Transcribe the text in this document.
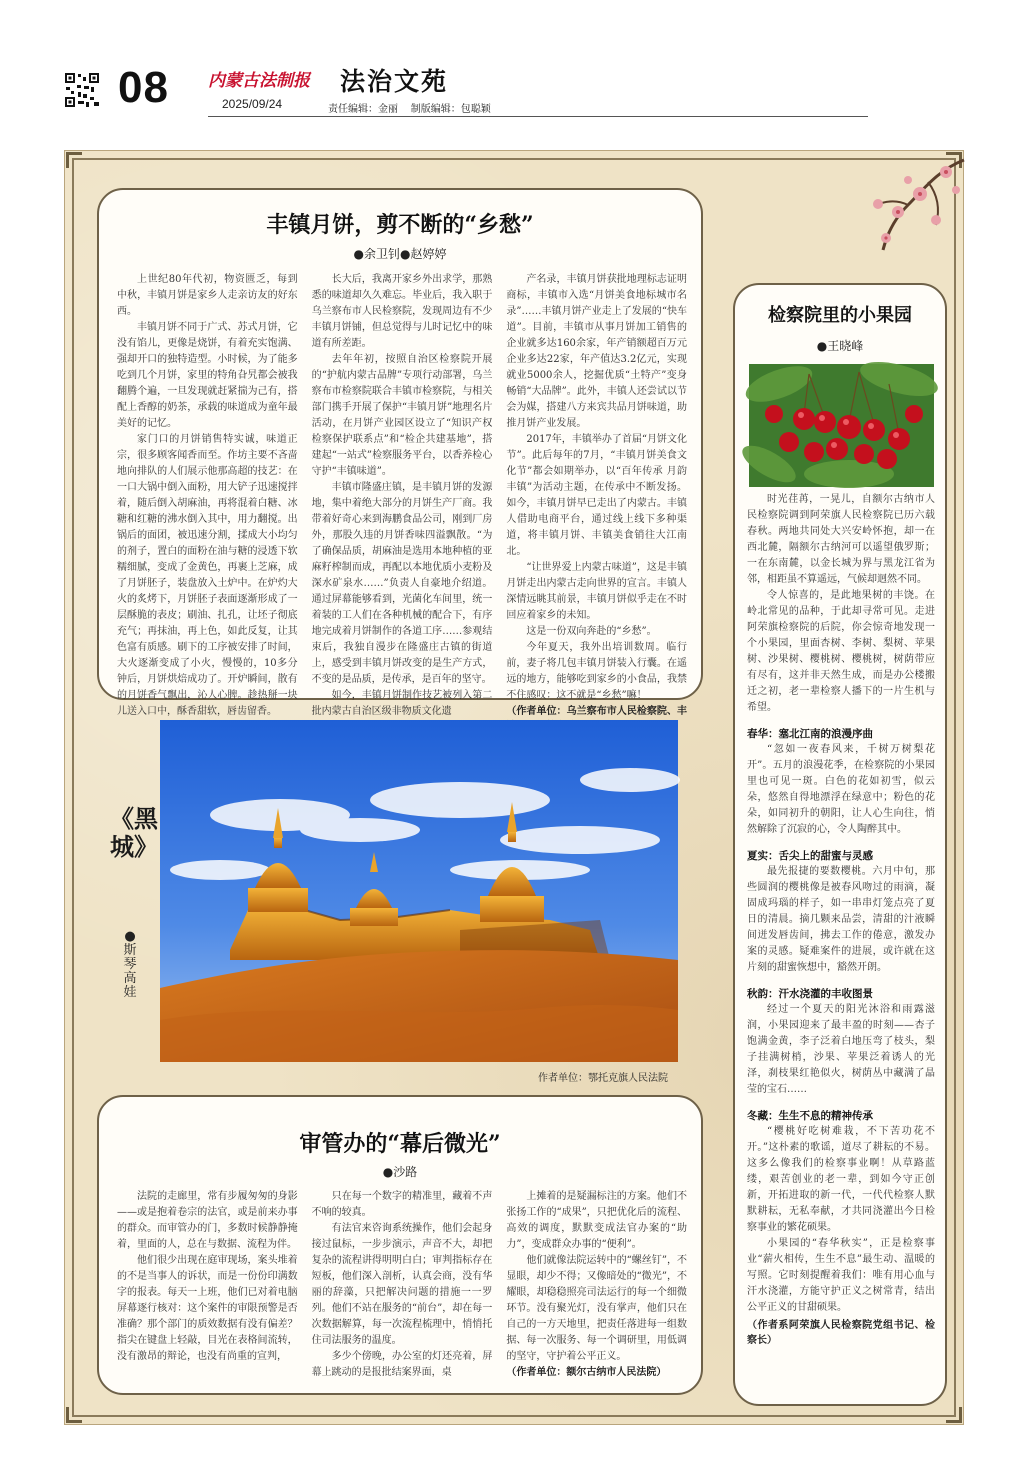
08 内蒙古法制报
2025/09/24
法治文苑
责任编辑：金丽 制版编辑：包聪颖
丰镇月饼，剪不断的“乡愁”
●余卫钊●赵婷婷

上世纪80年代初，物资匮乏，每到中秋，丰镇月饼是家乡人走亲访友的好东西。

丰镇月饼不同于广式、苏式月饼，它没有馅儿，更像是烧饼，有着充实饱满、强却开口的独特造型。小时候，为了能多吃到几个月饼，家里的特角旮旯都会被我翻腾个遍，一旦发现就赶紧揣为己有，搭配上香醇的奶茶，承载的味道成为童年最美好的记忆。

家门口的月饼销售特实诚，味道正宗，很多顾客闻香而至。作坊主要不吝啬地向排队的人们展示他那高超的技艺：在一口大锅中倒入面粉，用大铲子迅速搅拌着，随后倒入胡麻油，再将混着白糖、冰糖和红糖的沸水倒入其中，用力翻搅。出锅后的面团，被迅速分割，揉成大小均匀的剂子，置白的面粉在油与糖的浸透下软糯细腻，变成了金黄色，再裹上芝麻，成了月饼胚子，装盘放入土炉中。在炉灼大火的炙烤下，月饼胚子表面逐渐形成了一层酥脆的表皮；刷油、扎孔，让坯子彻底充气；再抹油，再上色，如此反复，让其色富有质感。刷下的工序被安排了时间，大火逐渐变成了小火，慢慢的，10多分钟后，月饼烘焙成功了。开炉瞬间，散有的月饼香气飘出，沁人心脾。趁热掰一块儿送入口中，酥香甜软，唇齿留香。

长大后，我离开家乡外出求学，那熟悉的味道却久久难忘。毕业后，我入职于乌兰察布市人民检察院，发现周边有不少丰镇月饼铺，但总觉得与儿时记忆中的味道有所差距。

去年年初，按照自治区检察院开展的“护航内蒙古品牌”专项行动部署，乌兰察布市检察院联合丰镇市检察院，与相关部门携手开展了保护“丰镇月饼”地理名片活动，在月饼产业园区设立了“知识产权检察保护联系点”和“检企共建基地”，搭建起“一站式”检察服务平台，以香养检心守护“丰镇味道”。

丰镇市隆盛庄镇，是丰镇月饼的发源地，集中着绝大部分的月饼生产厂商。我带着好奇心来到海鹏食品公司，刚到厂房外，那股久违的月饼香味四溢飘散。“为了确保品质，胡麻油是选用本地种植的亚麻籽榨制而成，再配以本地优质小麦粉及深水矿泉水……”负责人自豪地介绍道。通过屏幕能够看到，光菌化车间里，统一着装的工人们在各种机械的配合下，有序地完成着月饼制作的各道工序……参观结束后，我独自漫步在隆盛庄古镇的街道上，感受到丰镇月饼改变的是生产方式，不变的是品质，是传承，是百年的坚守。

如今，丰镇月饼制作技艺被列入第二批内蒙古自治区级非物质文化遗

产名录，丰镇月饼获批地理标志证明商标，丰镇市入选“月饼美食地标城市名录”……丰镇月饼产业走上了发展的“快车道”。目前，丰镇市从事月饼加工销售的企业就多达160余家，年产销额超百万元企业多达22家，年产值达3.2亿元，实现就业5000余人，挖掘优质“土特产”变身畅销“大品牌”。此外，丰镇人还尝试以节会为媒，搭建八方来宾共品月饼味道，助推月饼产业发展。

2017年，丰镇举办了首届“月饼文化节”。此后每年的7月，“丰镇月饼美食文化节”都会如期举办，以“百年传承 月韵丰镇”为活动主题，在传承中不断发扬。如今，丰镇月饼早已走出了内蒙古。丰镇人借助电商平台，通过线上线下多种渠道，将丰镇月饼、丰镇美食销往大江南北。

“让世界爱上内蒙古味道”，这是丰镇月饼走出内蒙古走向世界的宣言。丰镇人深情远眺其前景，丰镇月饼似乎走在不时回应着家乡的未知。

这是一份双向奔赴的“乡愁”。

今年夏天，我外出培训数周。临行前，妻子将几包丰镇月饼装入行囊。在遥远的地方，能够吃到家乡的小食品，我禁不住感叹：这不就是“乡愁”嘛！

（作者单位：乌兰察布市人民检察院、丰
《黑城》
●斯琴高娃
作者单位：鄂托克旗人民法院
审管办的“幕后微光”
●沙路

法院的走廊里，常有步履匆匆的身影——或是抱着卷宗的法官，或是前来办事的群众。而审管办的门，多数时候静静掩着，里面的人，总在与数据、流程为伴。

他们很少出现在庭审现场，案头堆着的不是当事人的诉状，而是一份份印满数字的报表。每天一上班，他们已对着电脑屏幕逐行核对：这个案件的审限预警是否准确？那个部门的质效数据有没有偏差？指尖在键盘上轻敲，目光在表格间流转，没有激昂的辩论，也没有尚重的宣判，

只在每一个数字的精准里，藏着不声不响的较真。

有法官来咨询系统操作，他们会起身接过鼠标，一步步演示，声音不大，却把复杂的流程讲得明明白白；审判指标存在短板，他们深入剖析，认真会商，没有华丽的辞藻，只把解决问题的措施一一罗列。他们不站在服务的“前台”，却在每一次数据解算，每一次流程梳理中，悄悄托住司法服务的温度。

多少个傍晚，办公室的灯还亮着，屏幕上跳动的是报批结案界面，桌

上摊着的是疑漏标注的方案。他们不张扬工作的“成果”，只把优化后的流程、高效的调度，默默变成法官办案的“助力”，变成群众办事的“便利”。

他们就像法院运转中的“螺丝钉”，不显眼，却少不得；又像暗处的“微光”，不耀眼，却稳稳照亮司法运行的每一个细微环节。没有聚光灯，没有掌声，他们只在自己的一方天地里，把责任落进每一组数据、每一次服务、每一个调研里，用低调的坚守，守护着公平正义。

（作者单位：额尔古纳市人民法院）
检察院里的小果园
●王晓峰

时光荏苒，一晃儿，自额尔古纳市人民检察院调到阿荣旗人民检察院已历六载春秋。两地共同处大兴安岭怀抱，却一在西北麓，隔额尔古纳河可以遥望俄罗斯；一在东南麓，以金长城为界与黑龙江省为邻，相距虽不算遥远，气候却迥然不同。

令人惊喜的，是此地果树的丰饶。在岭北常见的品种，于此却寻常可见。走进阿荣旗检察院的后院，你会惊奇地发现一个小果园，里面杏树、李树、梨树、苹果树、沙果树、樱桃树、樱桃树，树荫带应有尽有，这并非天然生成，而是办公楼搬迁之初，老一辈检察人播下的一片生机与希望。

春华：塞北江南的浪漫序曲

“忽如一夜春风来，千树万树梨花开”。五月的浪漫花季，在检察院的小果园里也可见一斑。白色的花如初雪，似云朵，悠然自得地漂浮在绿意中；粉色的花朵，如同初升的朝阳，让人心生向往，悄然解除了沉寂的心，令人陶醉其中。

夏实：舌尖上的甜蜜与灵感

最先报捷的要数樱桃。六月中旬，那些圆润的樱桃像是被春风吻过的雨滴，凝固成玛瑙的样子，如一串串灯笼点亮了夏日的清晨。摘几颗来品尝，清甜的汁液瞬间迸发唇齿间，拂去工作的倦意，激发办案的灵感。疑难案件的进展，或许就在这片刻的甜蜜恢想中，豁然开朗。

秋韵：汗水浇灌的丰收图景

经过一个夏天的阳光沐浴和雨露滋润，小果园迎来了最丰盈的时刻——杏子饱满金黄，李子泛着白地压弯了枝头，梨子挂满树梢，沙果、苹果泛着诱人的光泽，刹枝果红艳似火，树荫丛中藏满了晶莹的宝石……

冬藏：生生不息的精神传承

“樱桃好吃树难栽，不下苦功花不开。”这朴素的歌谣，道尽了耕耘的不易。这多么像我们的检察事业啊！从草路蓝缕，艰苦创业的老一辈，到如今守正创新，开拓进取的新一代，一代代检察人默默耕耘，无私奉献，才共同浇灌出今日检察事业的繁花硕果。

小果园的“春华秋实”，正是检察事业“薪火相传，生生不息”最生动、温暖的写照。它时刻提醒着我们：唯有用心血与汗水浇灌，方能守护正义之树常青，结出公平正义的甘甜硕果。

（作者系阿荣旗人民检察院党组书记、检察长）
